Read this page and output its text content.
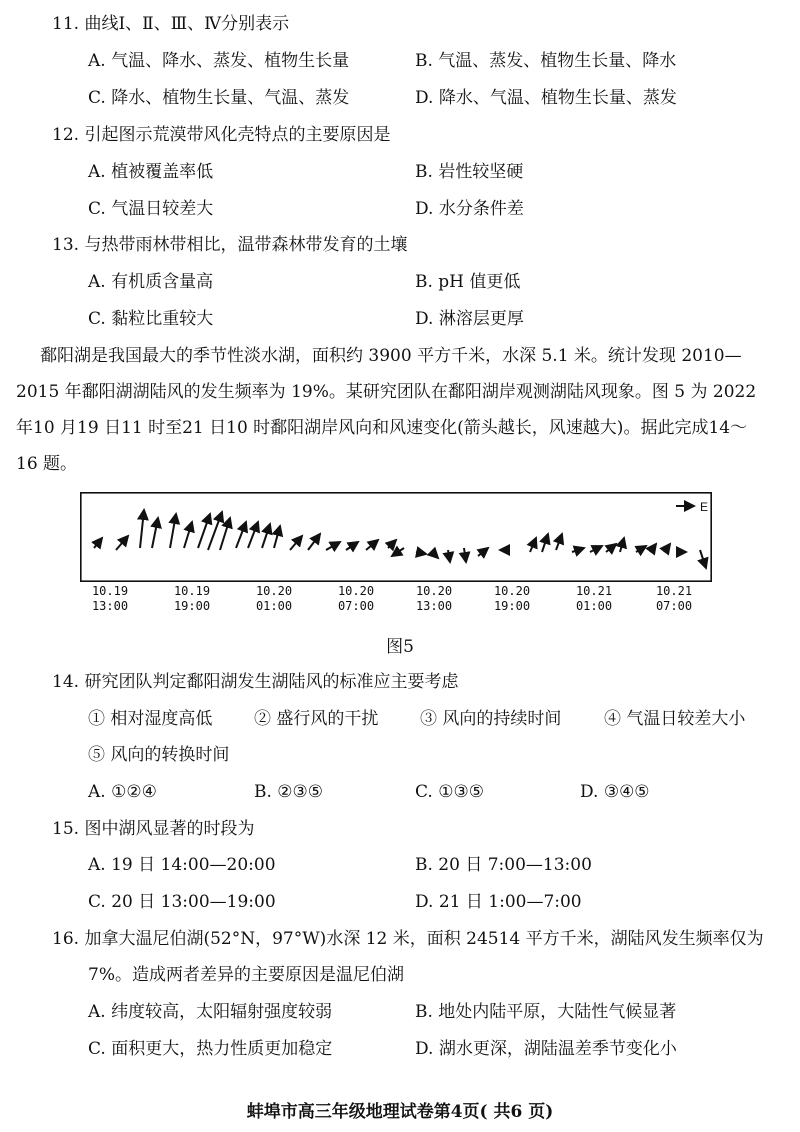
11. 曲线Ⅰ、Ⅱ、Ⅲ、Ⅳ分别表示
A. 气温、降水、蒸发、植物生长量	B. 气温、蒸发、植物生长量、降水
C. 降水、植物生长量、气温、蒸发	D. 降水、气温、植物生长量、蒸发
12. 引起图示荒漠带风化壳特点的主要原因是
A. 植被覆盖率低	B. 岩性较坚硬
C. 气温日较差大	D. 水分条件差
13. 与热带雨林带相比，温带森林带发育的土壤
A. 有机质含量高	B. pH 值更低
C. 黏粒比重较大	D. 淋溶层更厚
鄱阳湖是我国最大的季节性淡水湖，面积约 3900 平方千米，水深 5.1 米。统计发现 2010—
2015 年鄱阳湖湖陆风的发生频率为 19%。某研究团队在鄱阳湖岸观测湖陆风现象。图 5 为 2022
年10 月19 日11 时至21 日10 时鄱阳湖岸风向和风速变化(箭头越长，风速越大)。据此完成14～
16 题。
E
10.19
13:00
10.19
19:00
10.20
01:00
10.20
07:00
10.20
13:00
10.20
19:00
10.21
01:00
10.21
07:00
图5
14. 研究团队判定鄱阳湖发生湖陆风的标准应主要考虑
① 相对湿度高低 ② 盛行风的干扰 ③ 风向的持续时间	④ 气温日较差大小
⑤ 风向的转换时间
A. ①②④	B. ②③⑤	C. ①③⑤	D. ③④⑤
15. 图中湖风显著的时段为
A. 19 日 14:00—20:00	B. 20 日 7:00—13:00
C. 20 日 13:00—19:00	D. 21 日 1:00—7:00
16. 加拿大温尼伯湖(52°N，97°W)水深 12 米，面积 24514 平方千米，湖陆风发生频率仅为
7%。造成两者差异的主要原因是温尼伯湖
A. 纬度较高，太阳辐射强度较弱	B. 地处内陆平原，大陆性气候显著
C. 面积更大，热力性质更加稳定	D. 湖水更深，湖陆温差季节变化小
蚌埠市高三年级地理试卷第4页( 共6 页)
